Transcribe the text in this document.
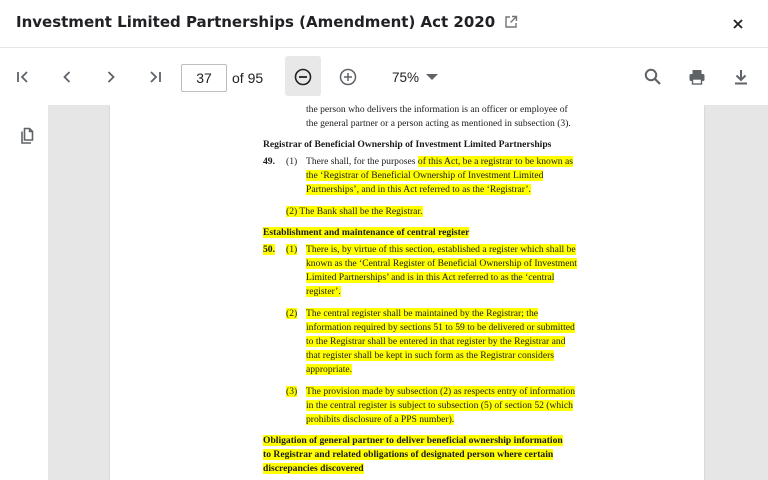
Investment Limited Partnerships (Amendment) Act 2020
37
of 95	75%
the person who delivers the information is an officer or employee of
the general partner or a person acting as mentioned in subsection (3).
Registrar of Beneficial Ownership of Investment Limited Partnerships
49. (1) There shall, for the purposes of this Act, be a registrar to be known as
the ‘Registrar of Beneficial Ownership of Investment Limited
Partnerships’, and in this Act referred to as the ‘Registrar’.
(2) The Bank shall be the Registrar.
Establishment and maintenance of central register
50. (1) There is, by virtue of this section, established a register which shall be
known as the ‘Central Register of Beneficial Ownership of Investment
Limited Partnerships’ and is in this Act referred to as the ‘central
register’.
(2) The central register shall be maintained by the Registrar; the
information required by sections 51 to 59 to be delivered or submitted
to the Registrar shall be entered in that register by the Registrar and
that register shall be kept in such form as the Registrar considers
appropriate.
(3) The provision made by subsection (2) as respects entry of information
in the central register is subject to subsection (5) of section 52 (which
prohibits disclosure of a PPS number).
Obligation of general partner to deliver beneficial ownership information
to Registrar and related obligations of designated person where certain
discrepancies discovered
